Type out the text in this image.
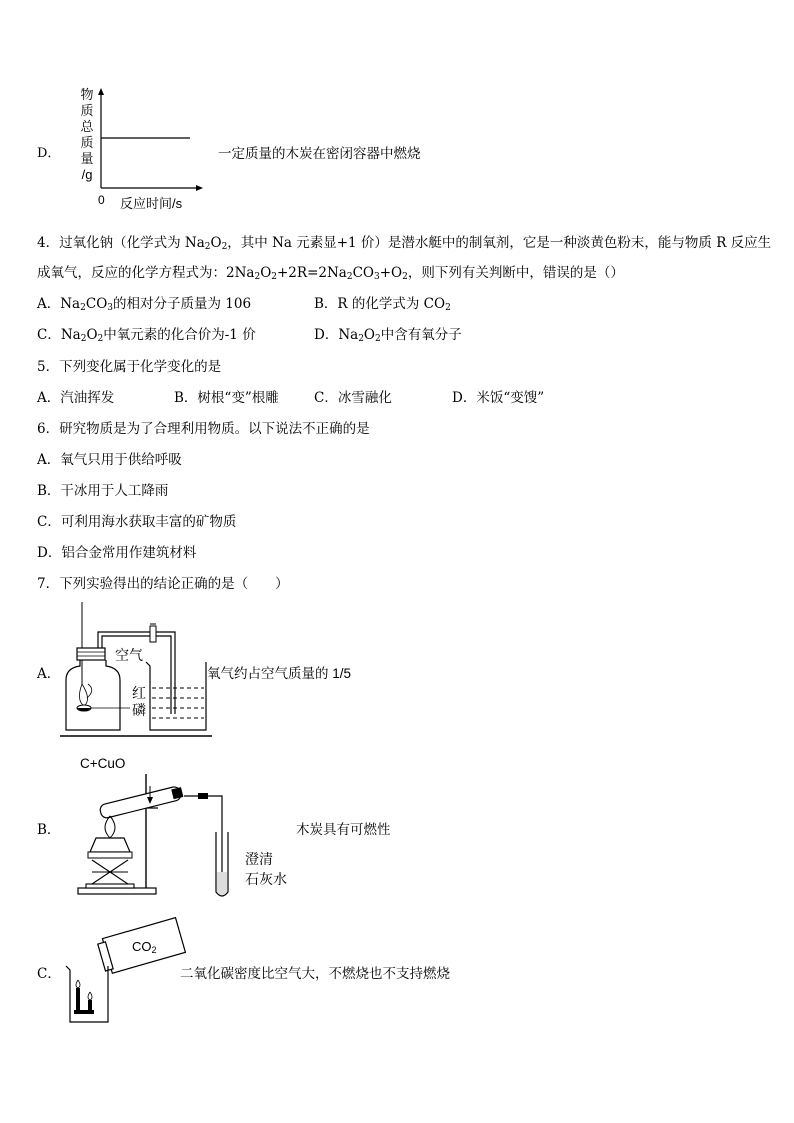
D．
物
质
总
质
量
/g
0 反应时间/s
一定质量的木炭在密闭容器中燃烧
4．过氧化钠（化学式为 $Na_2O_2$，其中 Na 元素显+1 价）是潜水艇中的制氧剂，它是一种淡黄色粉末，能与物质 R 反应生
成氧气，反应的化学方程式为：$2Na_2O_2+2R=2Na_2CO_3+O_2$，则下列有关判断中，错误的是（）
A．$Na_2CO_3$的相对分子质量为 106	B．R 的化学式为 $CO_2$
C．$Na_2O_2$中氧元素的化合价为-1 价	D．$Na_2O_2$中含有氧分子
5．下列变化属于化学变化的是
A．汽油挥发	B．树根“变”根雕	C．冰雪融化	D．米饭“变馊”
6．研究物质是为了合理利用物质。以下说法不正确的是
A．氧气只用于供给呼吸
B．干冰用于人工降雨
C．可利用海水获取丰富的矿物质
D．铝合金常用作建筑材料
7．下列实验得出的结论正确的是（　　）
A．
空气
红
磷
氧气约占空气质量的 1/5
C+CuO
B．
澄清
石灰水
木炭具有可燃性
C．
$CO_2$
二氧化碳密度比空气大，不燃烧也不支持燃烧
